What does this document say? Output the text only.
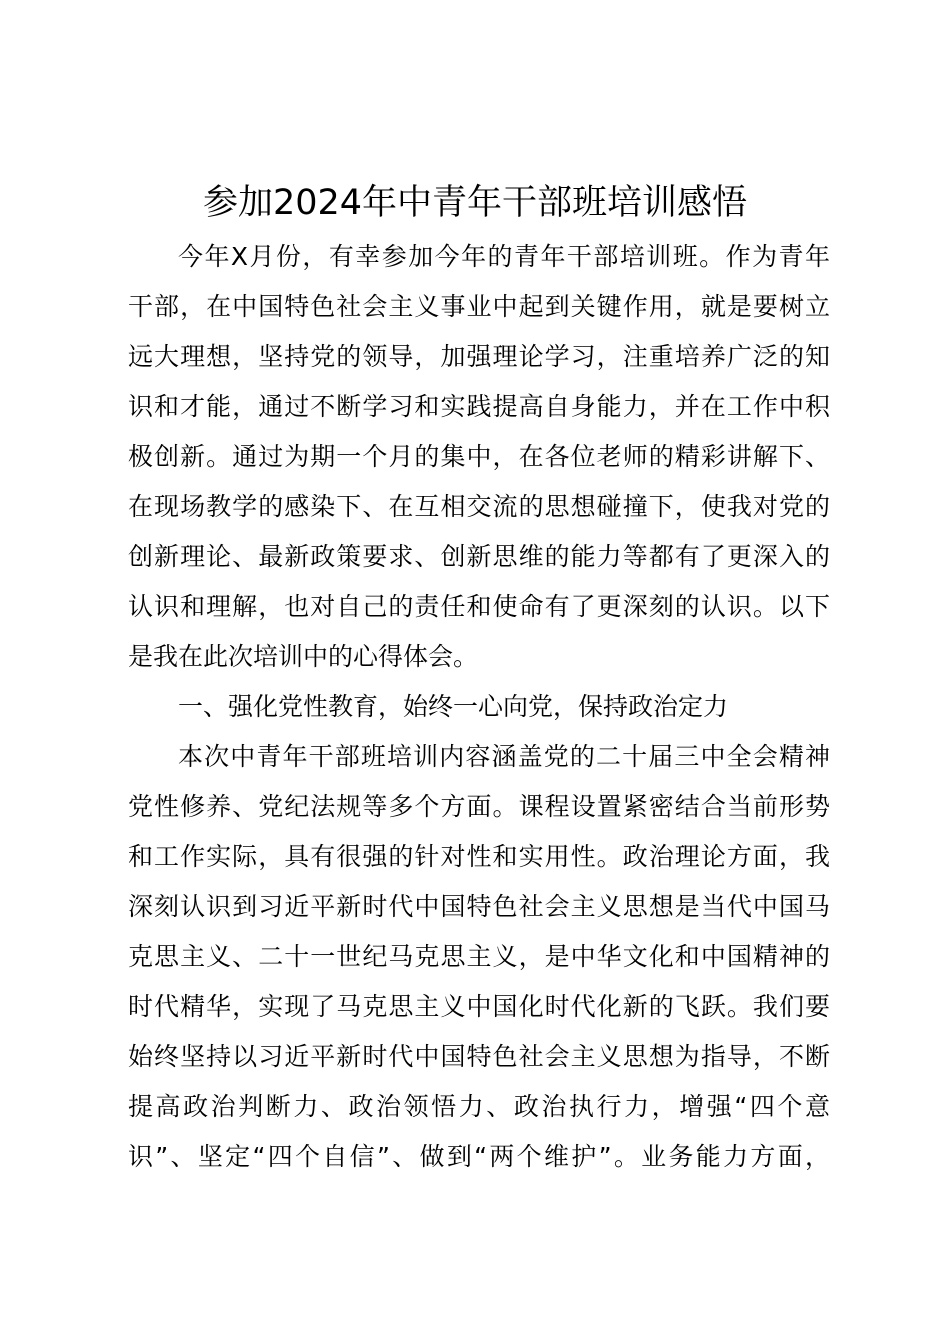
参加2024年中青年干部班培训感悟
今年X月份，有幸参加今年的青年干部培训班。作为青年
干部，在中国特色社会主义事业中起到关键作用，就是要树立
远大理想，坚持党的领导，加强理论学习，注重培养广泛的知
识和才能，通过不断学习和实践提高自身能力，并在工作中积
极创新。通过为期一个月的集中，在各位老师的精彩讲解下、
在现场教学的感染下、在互相交流的思想碰撞下，使我对党的
创新理论、最新政策要求、创新思维的能力等都有了更深入的
认识和理解，也对自己的责任和使命有了更深刻的认识。以下
是我在此次培训中的心得体会。
一、强化党性教育，始终一心向党，保持政治定力
本次中青年干部班培训内容涵盖党的二十届三中全会精神
党性修养、党纪法规等多个方面。课程设置紧密结合当前形势
和工作实际，具有很强的针对性和实用性。政治理论方面，我
深刻认识到习近平新时代中国特色社会主义思想是当代中国马
克思主义、二十一世纪马克思主义，是中华文化和中国精神的
时代精华，实现了马克思主义中国化时代化新的飞跃。我们要
始终坚持以习近平新时代中国特色社会主义思想为指导，不断
提高政治判断力、政治领悟力、政治执行力，增强“四个意
识”、坚定“四个自信”、做到“两个维护”。业务能力方面，
